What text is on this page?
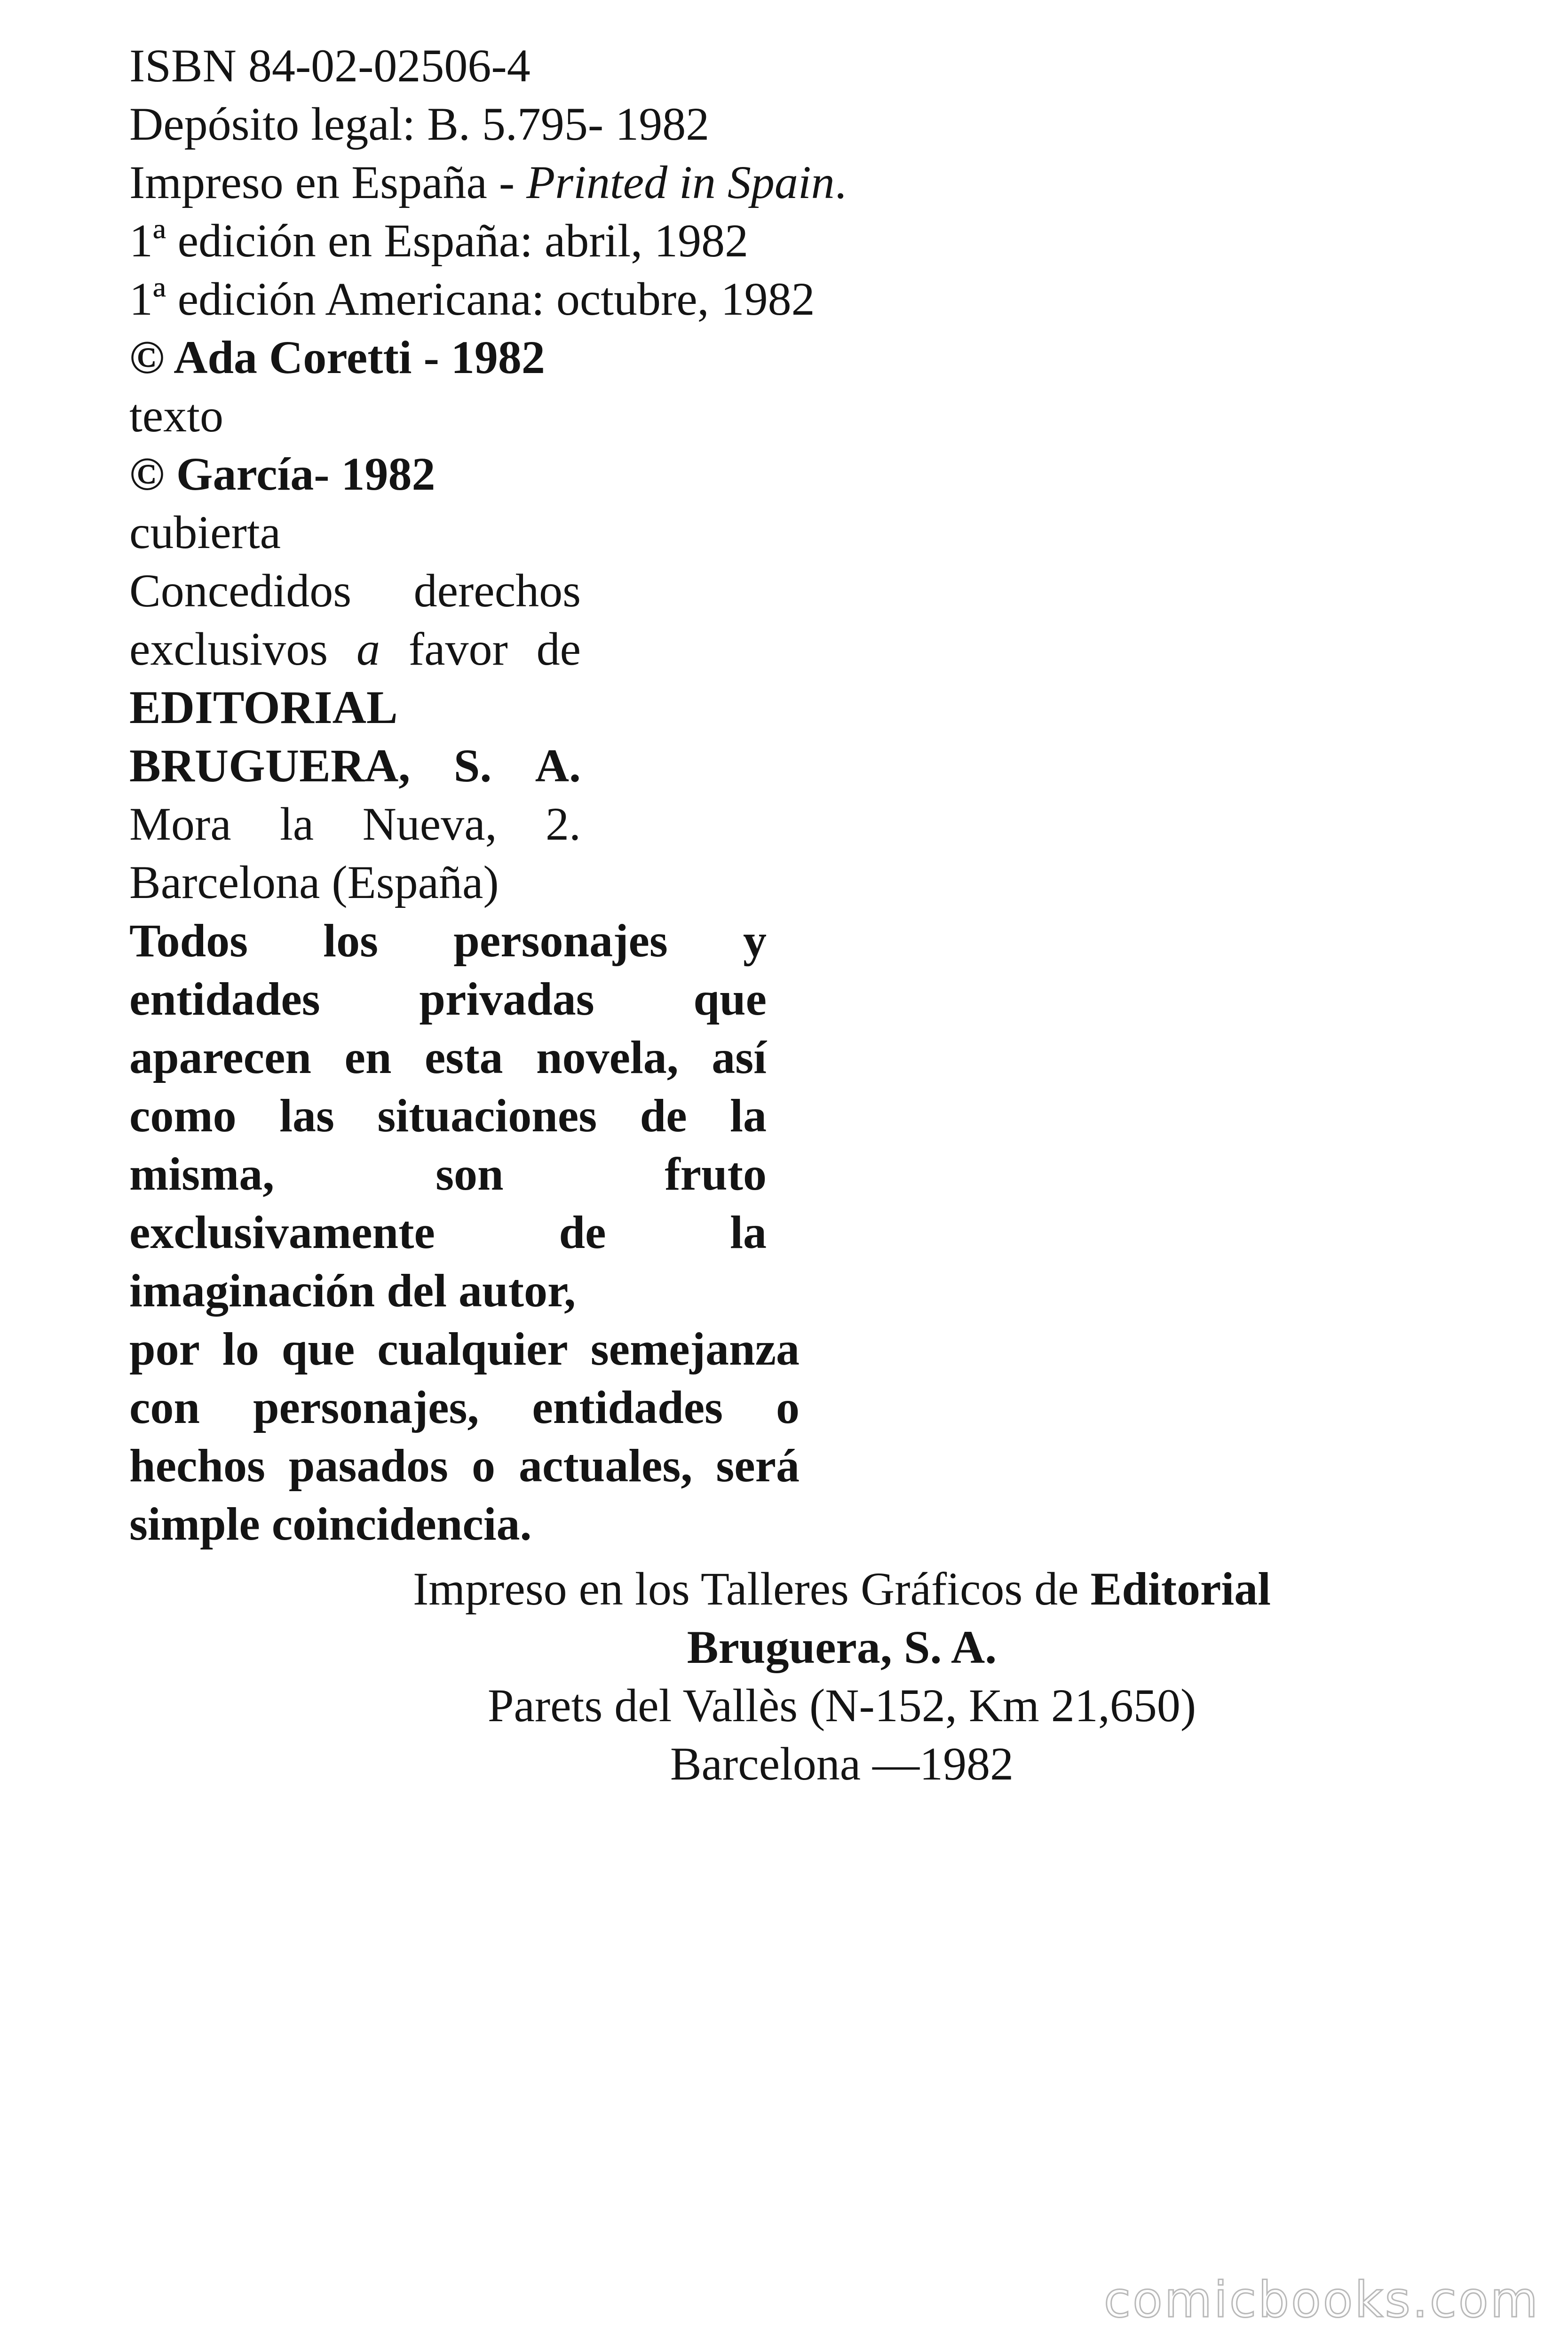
ISBN 84-02-02506-4
Depósito legal: B. 5.795- 1982
Impreso en España - Printed in Spain.
1ª edición en España: abril, 1982
1ª edición Americana: octubre, 1982
© Ada Coretti - 1982
texto
© García- 1982
cubierta
Concedidos derechos
exclusivos a favor de
EDITORIAL
BRUGUERA, S. A.
Mora la Nueva, 2.
Barcelona (España)
Todos los personajes y
entidades privadas que
aparecen en esta novela, así
como las situaciones de la
misma,	son	fruto
exclusivamente	de	la
imaginación del autor,
por lo que cualquier semejanza
con personajes, entidades o
hechos pasados o actuales, será
simple coincidencia.
Impreso en los Talleres Gráficos de Editorial
Bruguera, S. A.
Parets del Vallès (N-152, Km 21,650)
Barcelona —1982
comicbooks.com
